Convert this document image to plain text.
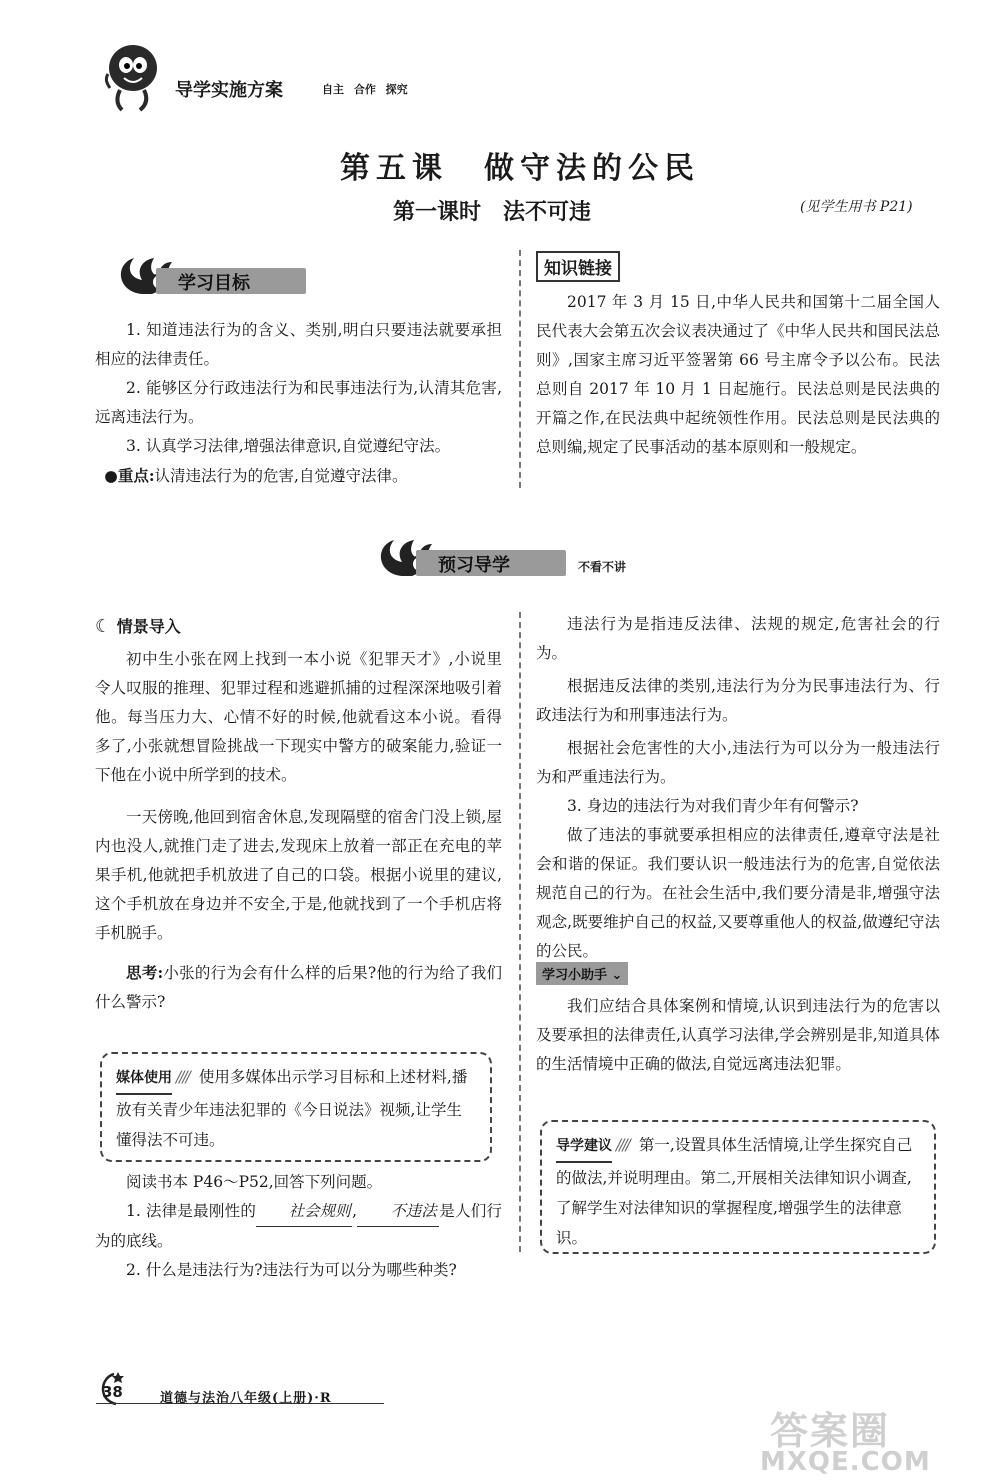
导学实施方案	自主 合作 探究
第五课　做守法的公民
第一课时　法不可违	(见学生用书 P21)
学习目标

1. 知道违法行为的含义、类别,明白只要违法就要承担相应的法律责任。

2. 能够区分行政违法行为和民事违法行为,认清其危害,远离违法行为。

3. 认真学习法律,增强法律意识,自觉遵纪守法。

●重点:认清违法行为的危害,自觉遵守法律。

知识链接
2017 年 3 月 15 日,中华人民共和国第十二届全国人民代表大会第五次会议表决通过了《中华人民共和国民法总则》,国家主席习近平签署第 66 号主席令予以公布。民法总则自 2017 年 10 月 1 日起施行。民法总则是民法典的开篇之作,在民法典中起统领性作用。民法总则是民法典的总则编,规定了民事活动的基本原则和一般规定。
预习导学	不看不讲
☾ 情景导入

初中生小张在网上找到一本小说《犯罪天才》,小说里令人叹服的推理、犯罪过程和逃避抓捕的过程深深地吸引着他。每当压力大、心情不好的时候,他就看这本小说。看得多了,小张就想冒险挑战一下现实中警方的破案能力,验证一下他在小说中所学到的技术。

一天傍晚,他回到宿舍休息,发现隔壁的宿舍门没上锁,屋内也没人,就推门走了进去,发现床上放着一部正在充电的苹果手机,他就把手机放进了自己的口袋。根据小说里的建议,这个手机放在身边并不安全,于是,他就找到了一个手机店将手机脱手。

思考:小张的行为会有什么样的后果?他的行为给了我们什么警示?

媒体使用 //// 使用多媒体出示学习目标和上述材料,播放有关青少年违法犯罪的《今日说法》视频,让学生懂得法不可违。

阅读书本 P46～P52,回答下列问题。

1. 法律是最刚性的 社会规则, 不违法 是人们行为的底线。

2. 什么是违法行为?违法行为可以分为哪些种类?

违法行为是指违反法律、法规的规定,危害社会的行为。

根据违反法律的类别,违法行为分为民事违法行为、行政违法行为和刑事违法行为。

根据社会危害性的大小,违法行为可以分为一般违法行为和严重违法行为。

3. 身边的违法行为对我们青少年有何警示?

做了违法的事就要承担相应的法律责任,遵章守法是社会和谐的保证。我们要认识一般违法行为的危害,自觉依法规范自己的行为。在社会生活中,我们要分清是非,增强守法观念,既要维护自己的权益,又要尊重他人的权益,做遵纪守法的公民。

学习小助手 ⌄
我们应结合具体案例和情境,认识到违法行为的危害以及要承担的法律责任,认真学习法律,学会辨别是非,知道具体的生活情境中正确的做法,自觉远离违法犯罪。
导学建议 //// 第一,设置具体生活情境,让学生探究自己的做法,并说明理由。第二,开展相关法律知识小调查,了解学生对法律知识的掌握程度,增强学生的法律意识。
38	道德与法治八年级(上册)·R
答案圈
MXQE.COM
